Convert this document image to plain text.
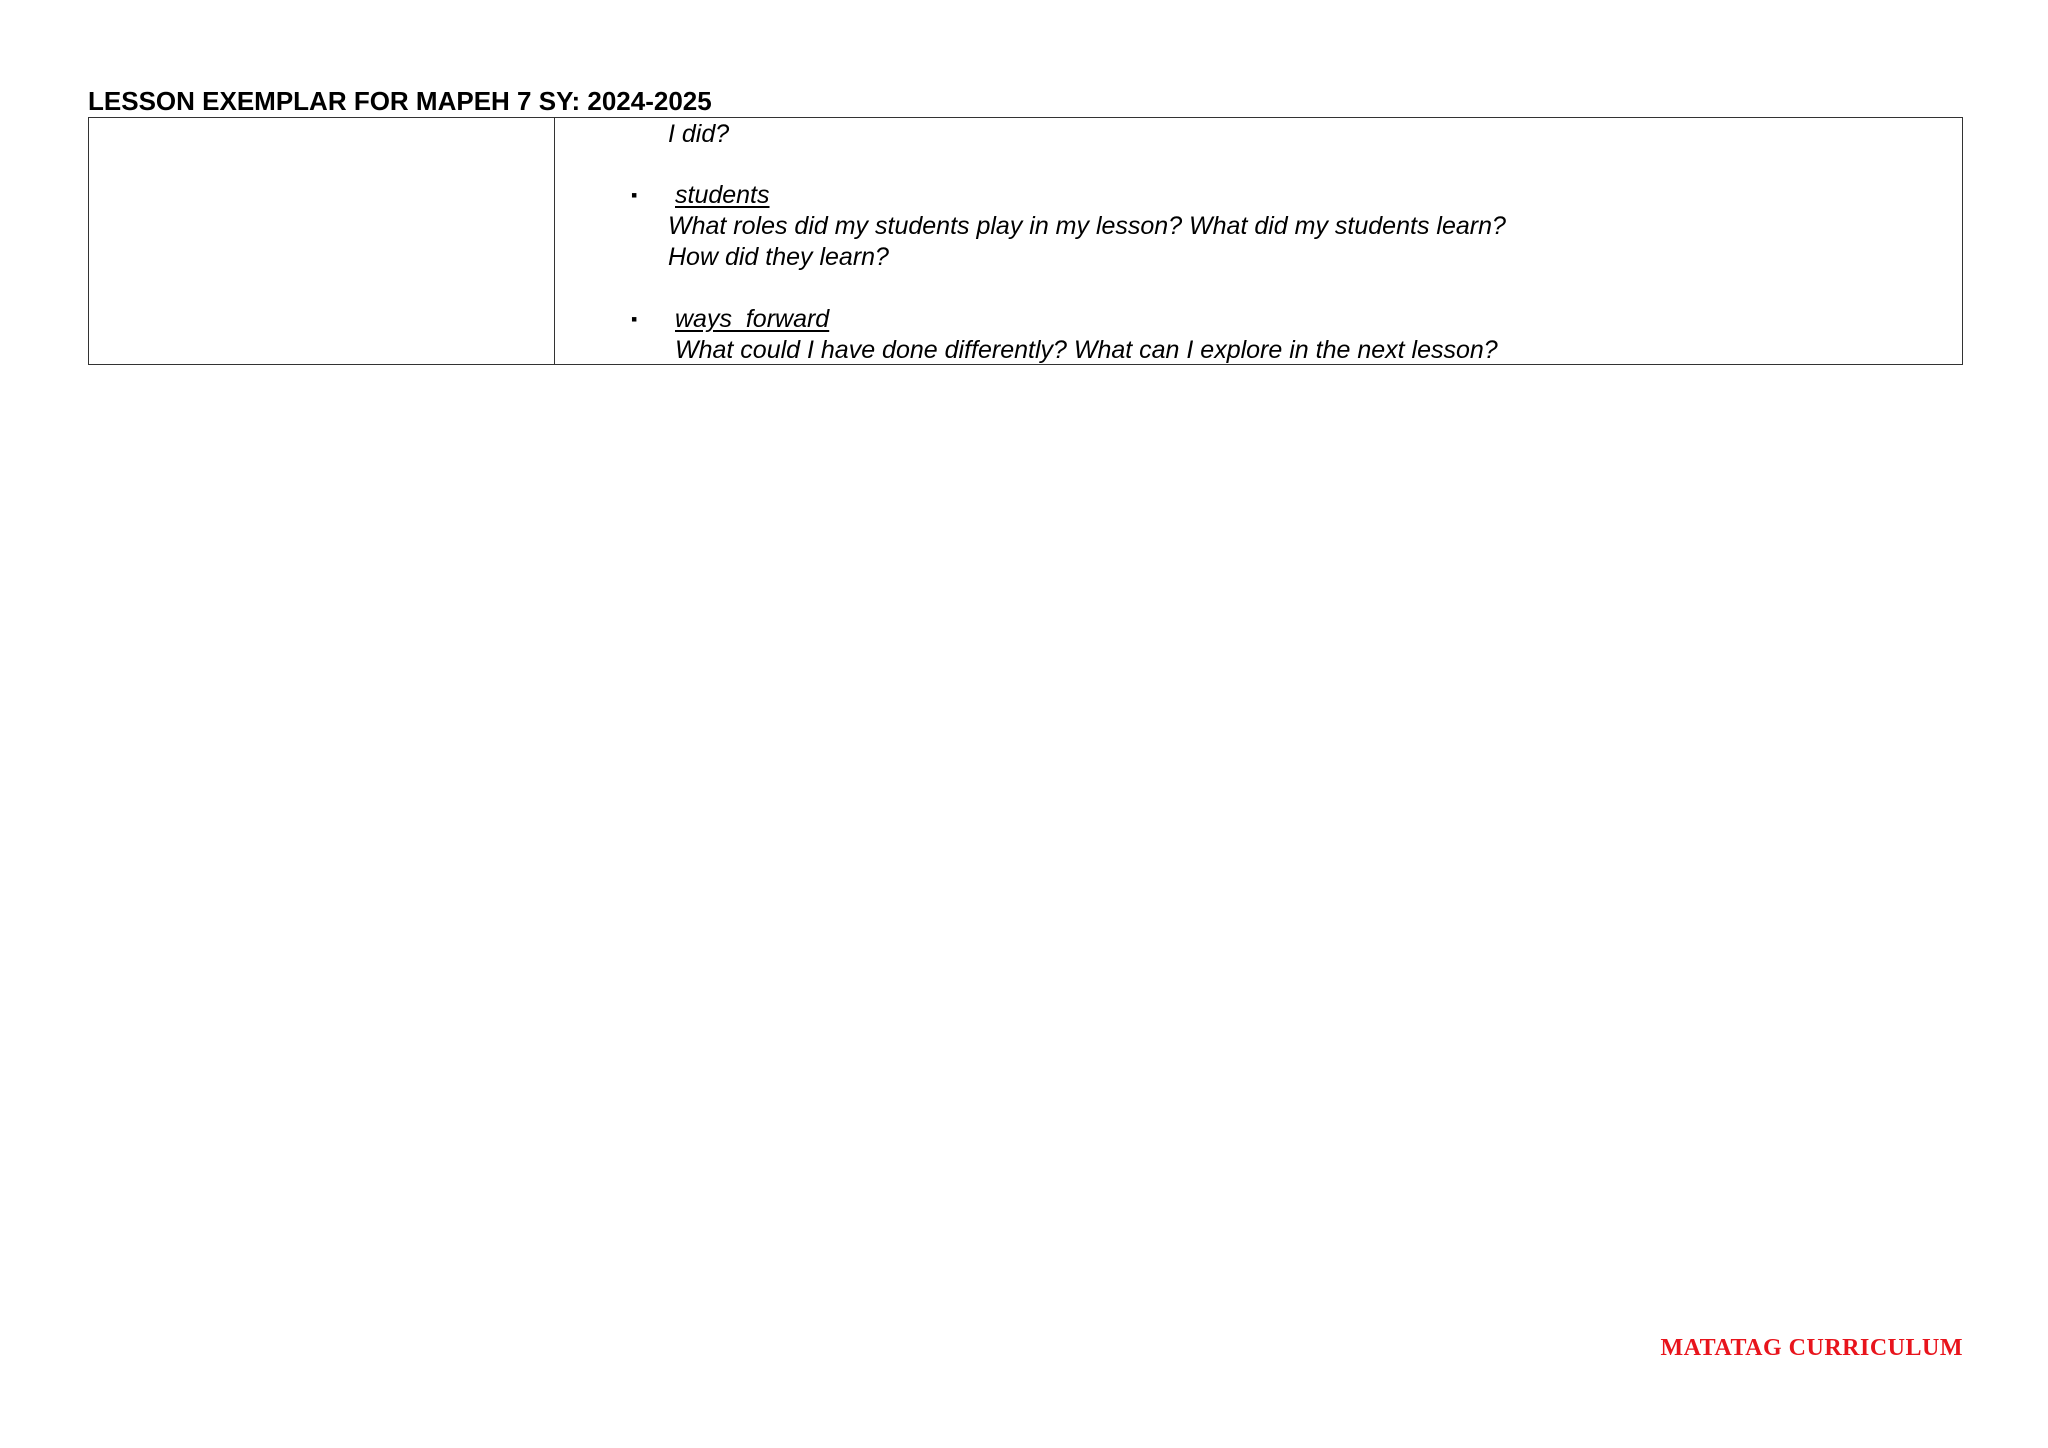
LESSON EXEMPLAR FOR MAPEH 7 SY: 2024-2025
I did?
▪ students
What roles did my students play in my lesson? What did my students learn?
How did they learn?
▪ ways  forward
What could I have done differently? What can I explore in the next lesson?
MATATAG CURRICULUM
